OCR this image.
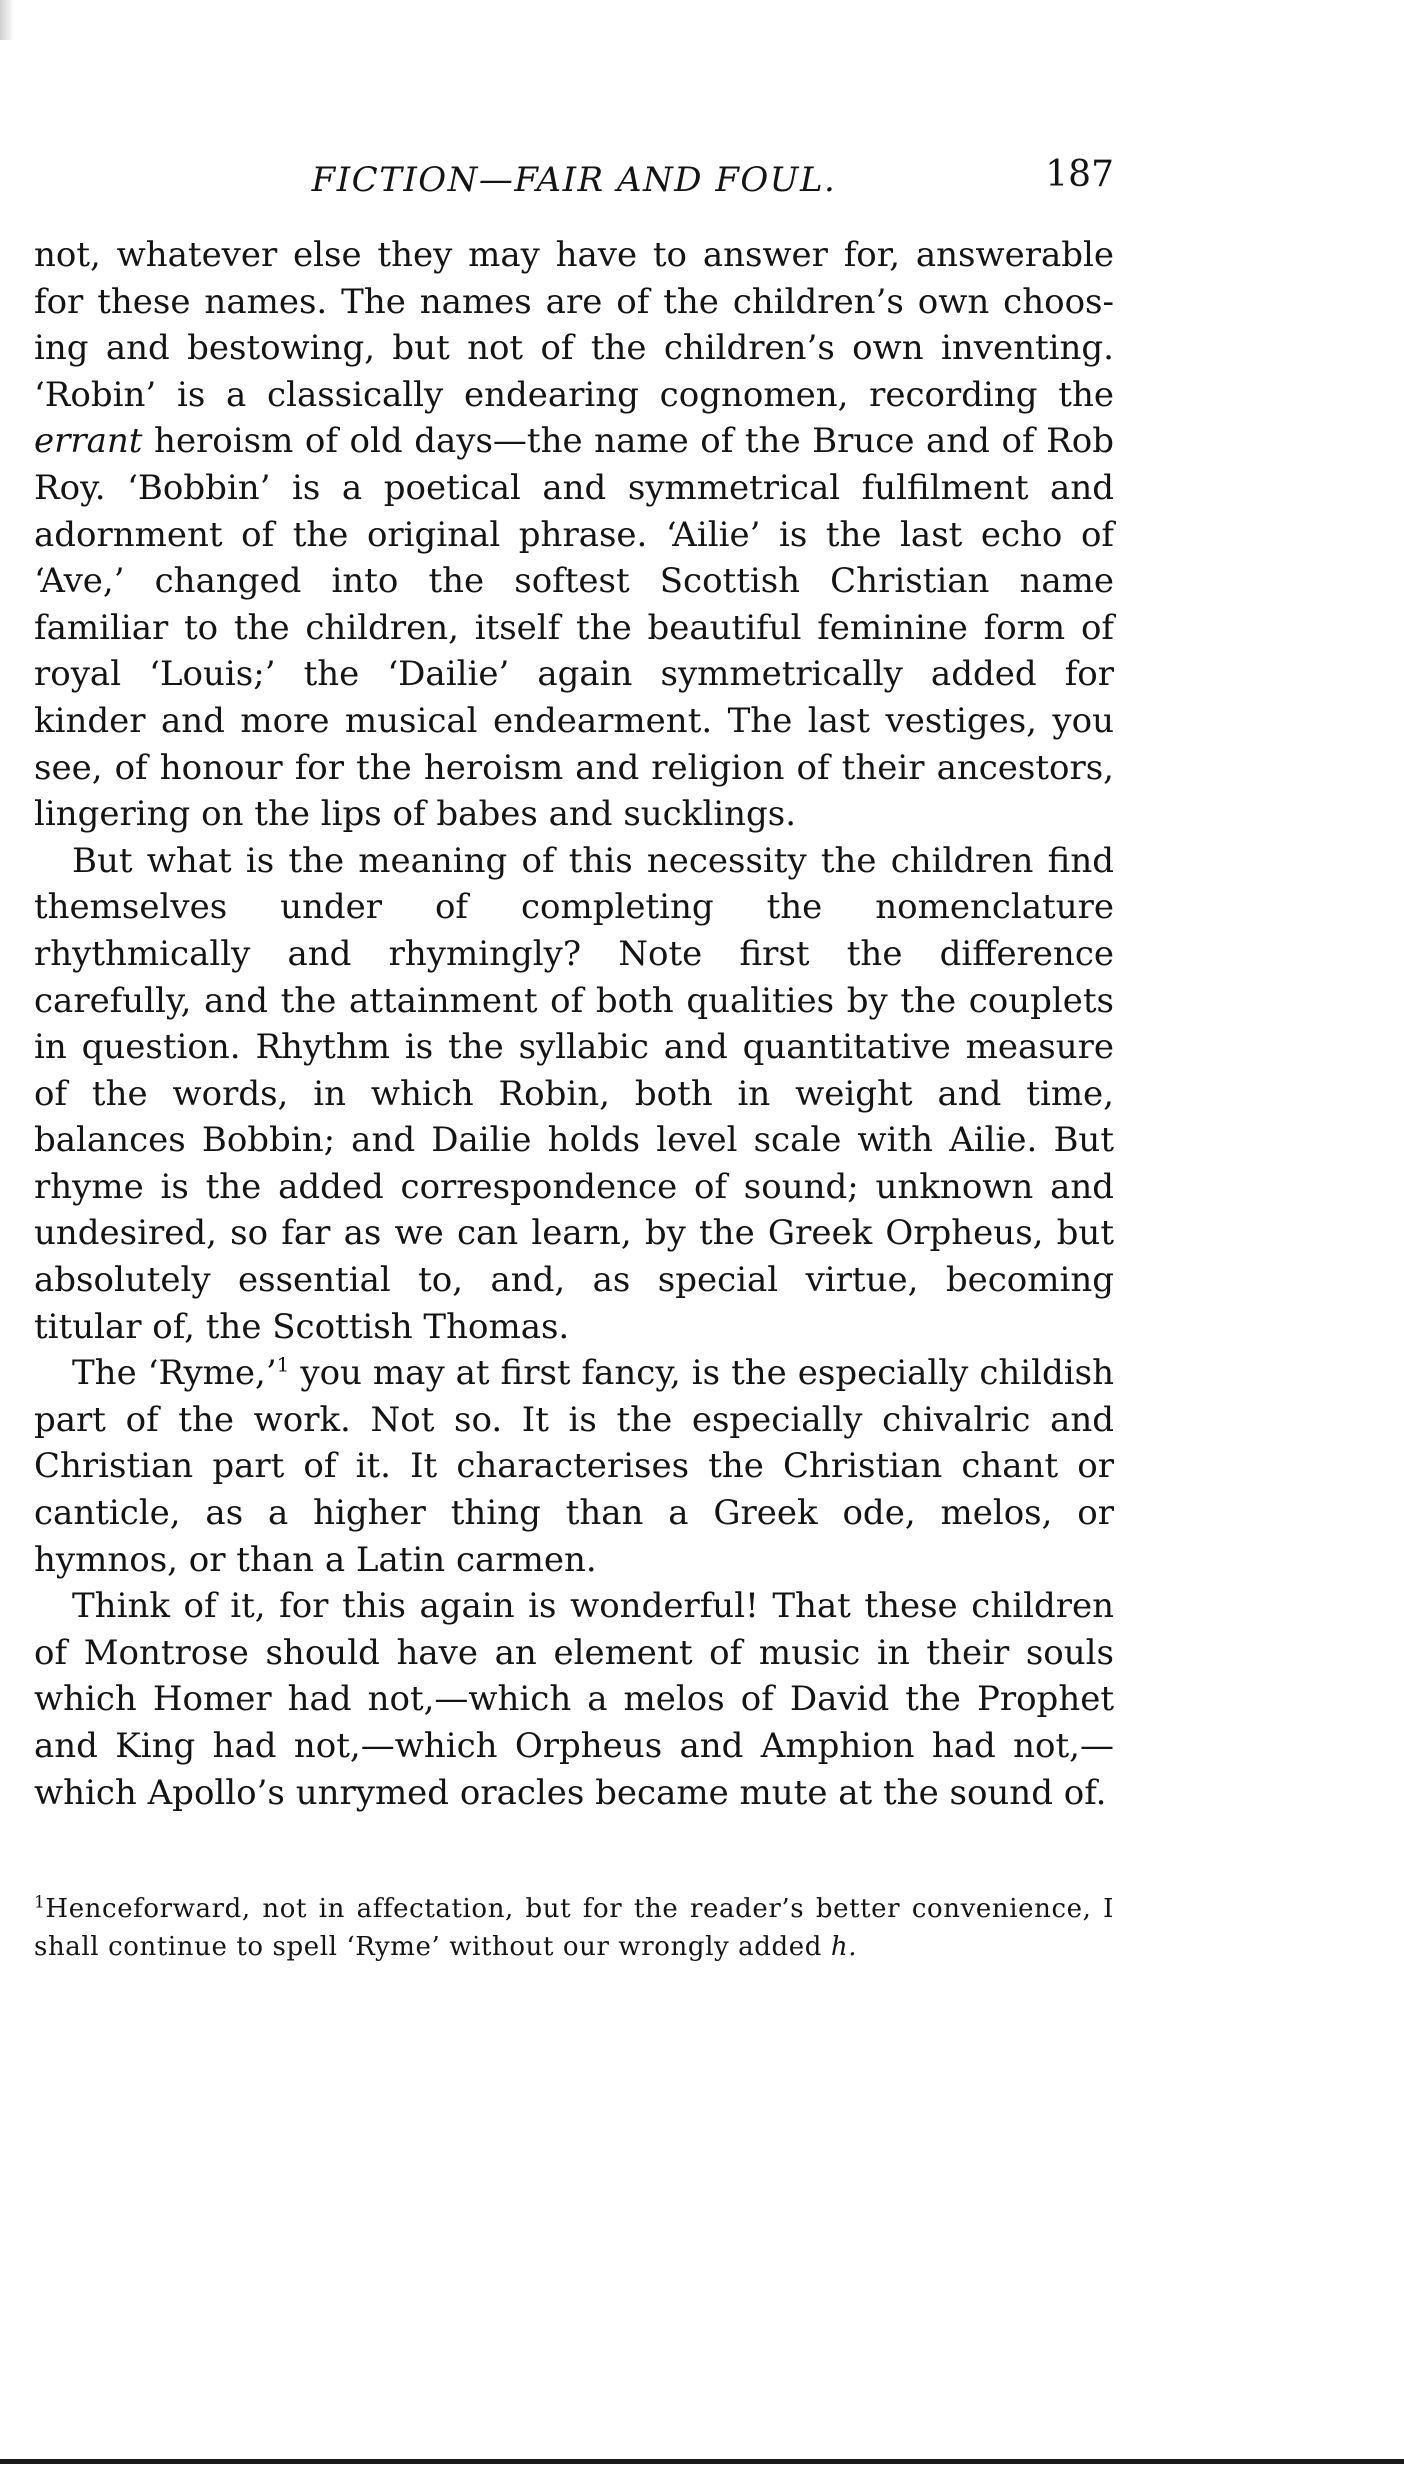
FICTION—FAIR AND FOUL.	187

not, whatever else they may have to answer for, answerable for these names. The names are of the children’s own choos-ing and bestowing, but not of the children’s own inventing. ‘Robin’ is a classically endearing cognomen, recording the errant heroism of old days—the name of the Bruce and of Rob Roy. ‘Bobbin’ is a poetical and symmetrical fulfilment and adornment of the original phrase. ‘Ailie’ is the last echo of ‘Ave,’ changed into the softest Scottish Christian name familiar to the children, itself the beautiful feminine form of royal ‘Louis;’ the ‘Dailie’ again symmetrically added for kinder and more musical endearment. The last vestiges, you see, of honour for the heroism and religion of their ancestors, lingering on the lips of babes and sucklings.

But what is the meaning of this necessity the children find themselves under of completing the nomenclature rhythmically and rhymingly? Note first the difference carefully, and the attainment of both qualities by the couplets in question. Rhythm is the syllabic and quantitative measure of the words, in which Robin, both in weight and time, balances Bobbin; and Dailie holds level scale with Ailie. But rhyme is the added correspondence of sound; unknown and undesired, so far as we can learn, by the Greek Orpheus, but absolutely essential to, and, as special virtue, becoming titular of, the Scottish Thomas.

The ‘Ryme,’$^1$ you may at first fancy, is the especially childish part of the work. Not so. It is the especially chivalric and Christian part of it. It characterises the Christian chant or canticle, as a higher thing than a Greek ode, melos, or hymnos, or than a Latin carmen.

Think of it, for this again is wonderful! That these children of Montrose should have an element of music in their souls which Homer had not,—which a melos of David the Prophet and King had not,—which Orpheus and Amphion had not,—which Apollo’s unrymed oracles became mute at the sound of.

$^1$Henceforward, not in affectation, but for the reader’s better convenience, I shall continue to spell ‘Ryme’ without our wrongly added h.
